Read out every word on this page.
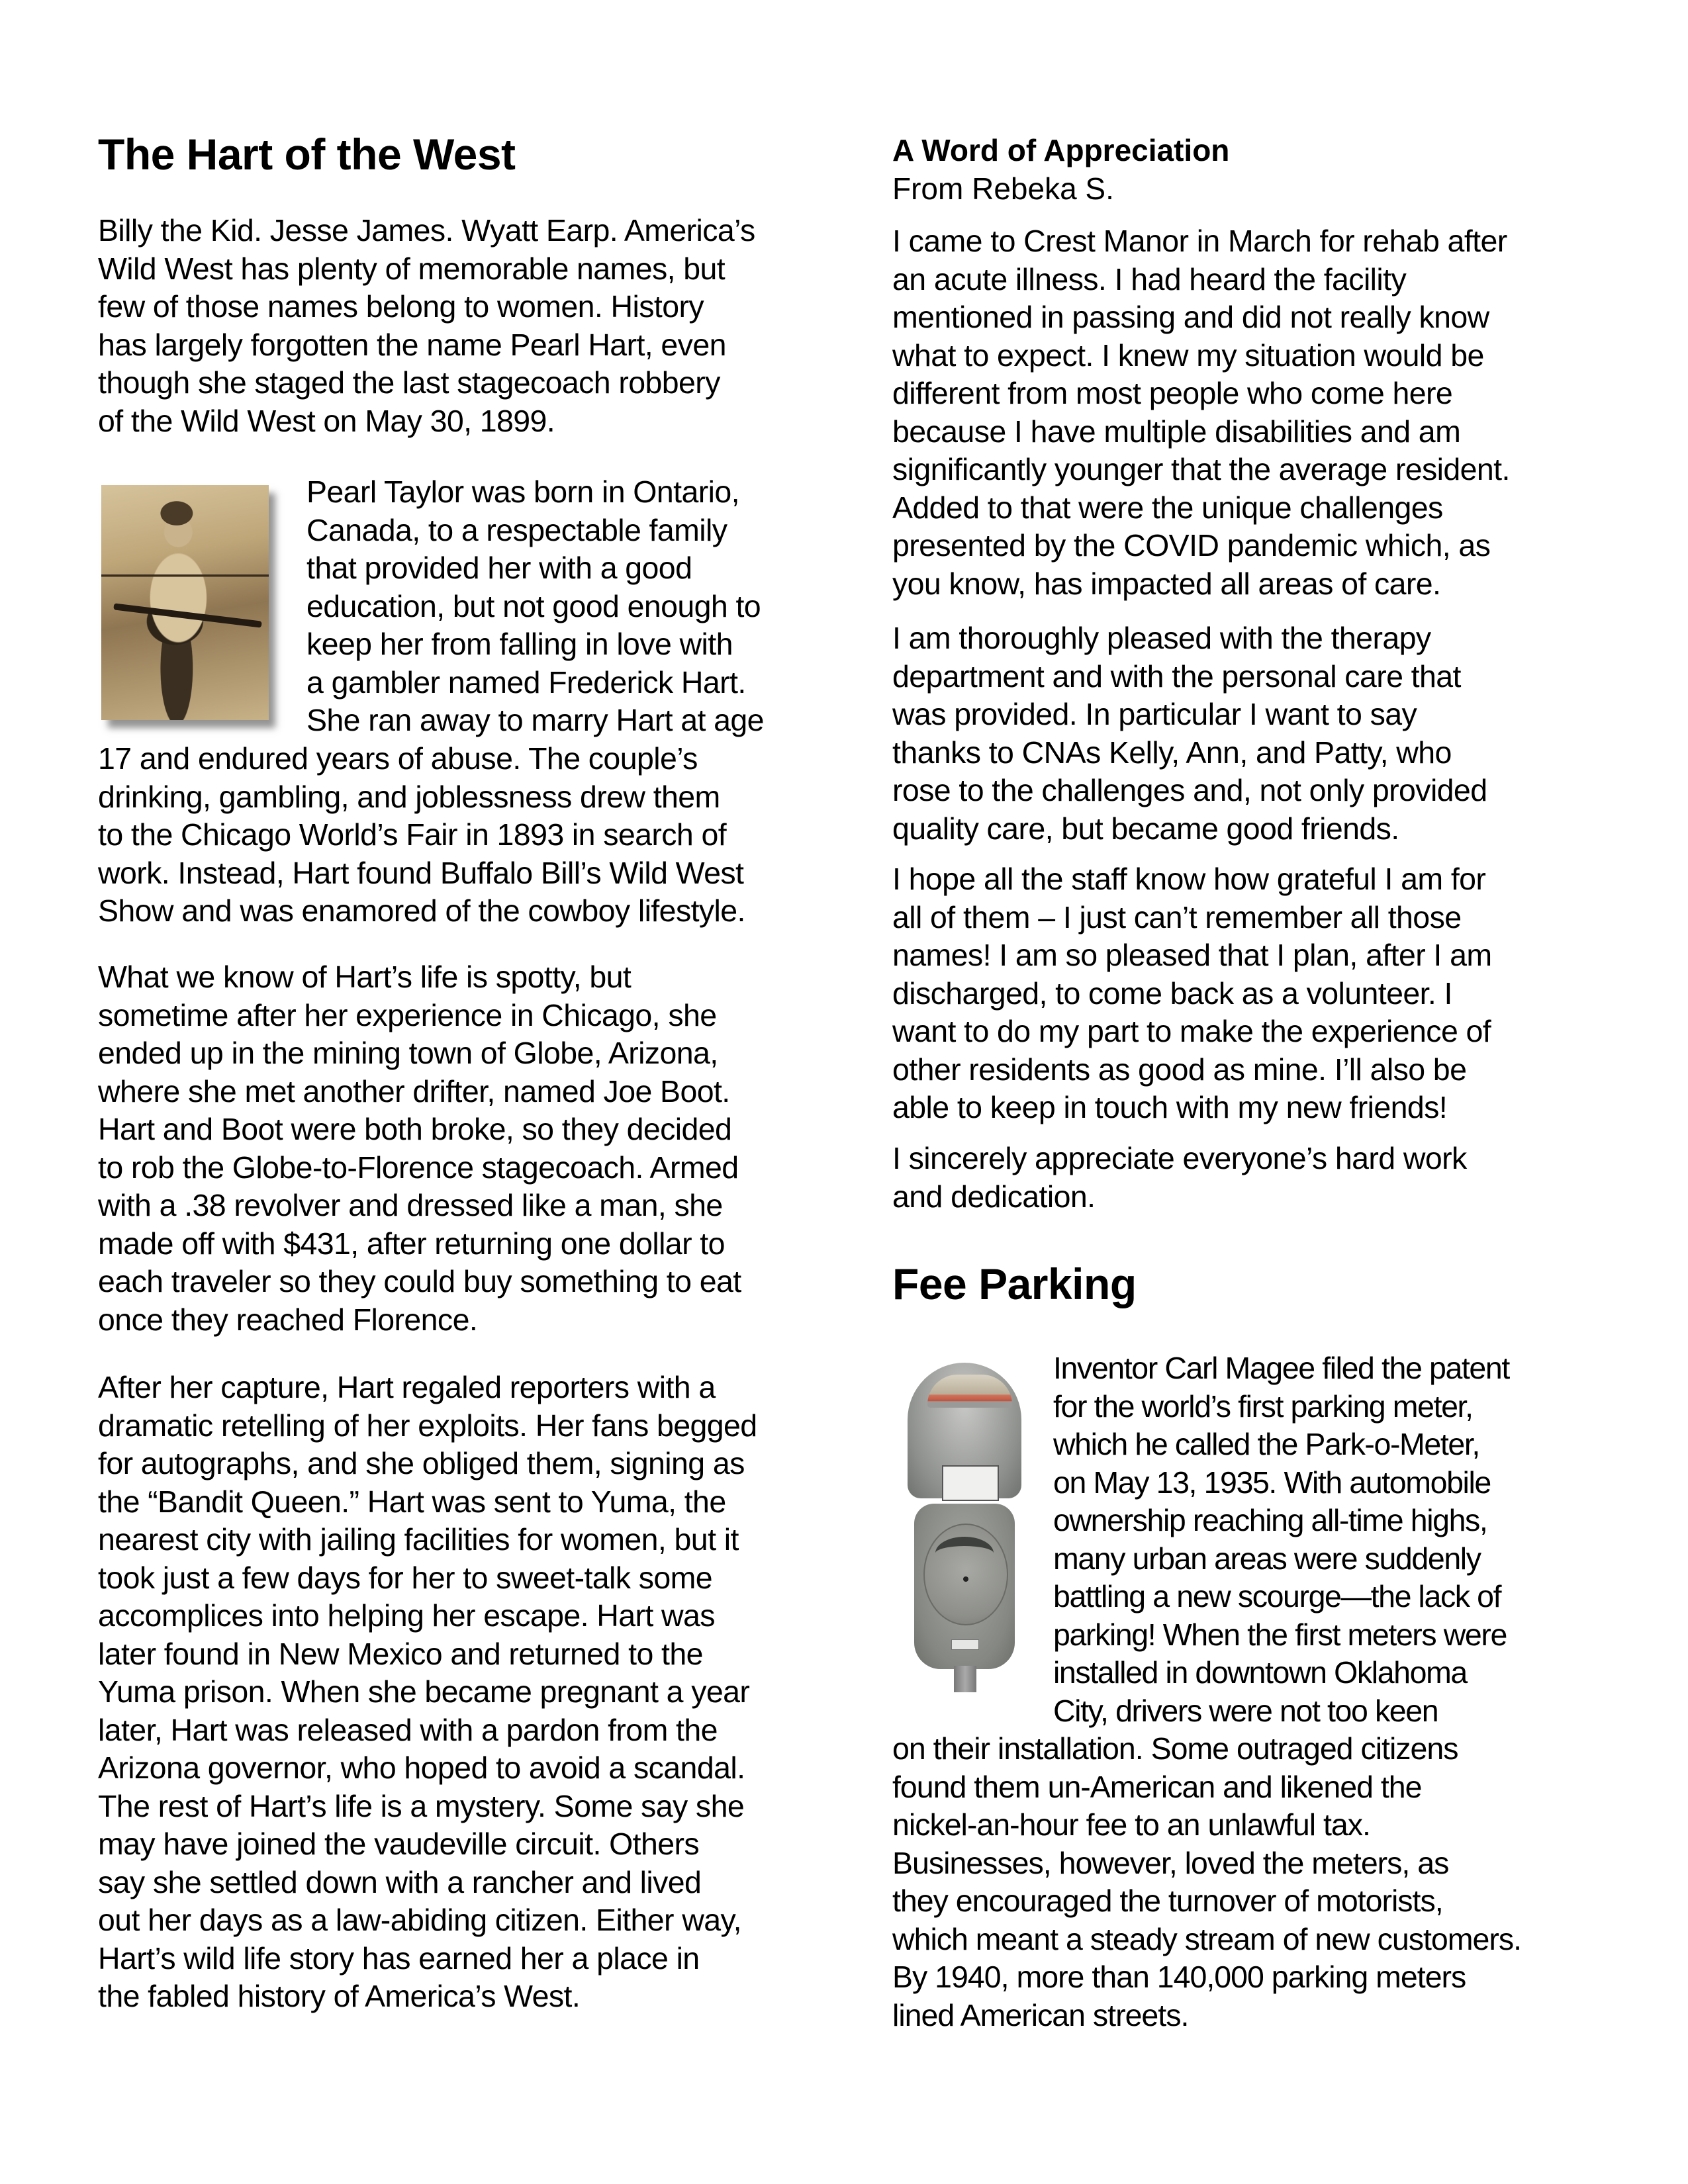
The Hart of the West
Billy the Kid. Jesse James. Wyatt Earp. America’s
Wild West has plenty of memorable names, but
few of those names belong to women. History
has largely forgotten the name Pearl Hart, even
though she staged the last stagecoach robbery
of the Wild West on May 30, 1899.
Pearl Taylor was born in Ontario,
Canada, to a respectable family
that provided her with a good
education, but not good enough to
keep her from falling in love with
a gambler named Frederick Hart.
She ran away to marry Hart at age
17 and endured years of abuse. The couple’s
drinking, gambling, and joblessness drew them
to the Chicago World’s Fair in 1893 in search of
work. Instead, Hart found Buffalo Bill’s Wild West
Show and was enamored of the cowboy lifestyle.
What we know of Hart’s life is spotty, but
sometime after her experience in Chicago, she
ended up in the mining town of Globe, Arizona,
where she met another drifter, named Joe Boot.
Hart and Boot were both broke, so they decided
to rob the Globe-to-Florence stagecoach. Armed
with a .38 revolver and dressed like a man, she
made off with $431, after returning one dollar to
each traveler so they could buy something to eat
once they reached Florence.
After her capture, Hart regaled reporters with a
dramatic retelling of her exploits. Her fans begged
for autographs, and she obliged them, signing as
the “Bandit Queen.” Hart was sent to Yuma, the
nearest city with jailing facilities for women, but it
took just a few days for her to sweet-talk some
accomplices into helping her escape. Hart was
later found in New Mexico and returned to the
Yuma prison. When she became pregnant a year
later, Hart was released with a pardon from the
Arizona governor, who hoped to avoid a scandal.
The rest of Hart’s life is a mystery. Some say she
may have joined the vaudeville circuit. Others
say she settled down with a rancher and lived
out her days as a law-abiding citizen. Either way,
Hart’s wild life story has earned her a place in
the fabled history of America’s West.
A Word of Appreciation
From Rebeka S.
I came to Crest Manor in March for rehab after
an acute illness. I had heard the facility
mentioned in passing and did not really know
what to expect. I knew my situation would be
different from most people who come here
because I have multiple disabilities and am
significantly younger that the average resident.
Added to that were the unique challenges
presented by the COVID pandemic which, as
you know, has impacted all areas of care.
I am thoroughly pleased with the therapy
department and with the personal care that
was provided. In particular I want to say
thanks to CNAs Kelly, Ann, and Patty, who
rose to the challenges and, not only provided
quality care, but became good friends.
I hope all the staff know how grateful I am for
all of them – I just can’t remember all those
names! I am so pleased that I plan, after I am
discharged, to come back as a volunteer. I
want to do my part to make the experience of
other residents as good as mine. I’ll also be
able to keep in touch with my new friends!
I sincerely appreciate everyone’s hard work
and dedication.
Fee Parking
Inventor Carl Magee filed the patent
for the world’s first parking meter,
which he called the Park-o-Meter,
on May 13, 1935. With automobile
ownership reaching all-time highs,
many urban areas were suddenly
battling a new scourge—the lack of
parking! When the first meters were
installed in downtown Oklahoma
City, drivers were not too keen
on their installation. Some outraged citizens
found them un-American and likened the
nickel-an-hour fee to an unlawful tax.
Businesses, however, loved the meters, as
they encouraged the turnover of motorists,
which meant a steady stream of new customers.
By 1940, more than 140,000 parking meters
lined American streets.
